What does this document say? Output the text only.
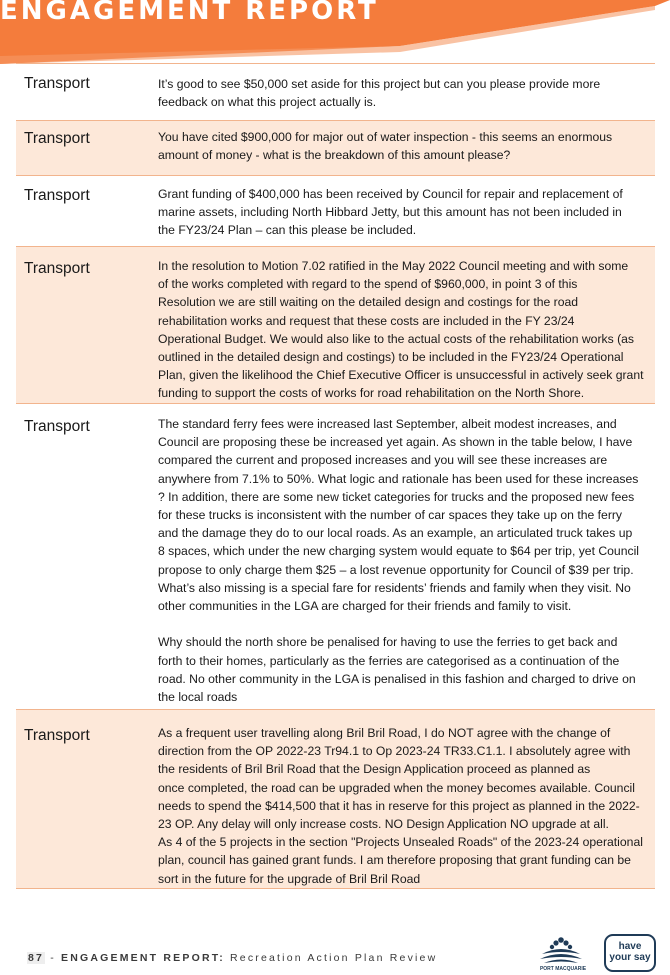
ENGAGEMENT REPORT
Transport	It’s good to see $50,000 set aside for this project but can you please provide more
feedback on what this project actually is.
Transport	You have cited $900,000 for major out of water inspection - this seems an enormous
amount of money - what is the breakdown of this amount please?
Transport	Grant funding of $400,000 has been received by Council for repair and replacement of
marine assets, including North Hibbard Jetty, but this amount has not been included in
the FY23/24 Plan – can this please be included.
Transport	In the resolution to Motion 7.02 ratified in the May 2022 Council meeting and with some
of the works completed with regard to the spend of $960,000, in point 3 of this
Resolution we are still waiting on the detailed design and costings for the road
rehabilitation works and request that these costs are included in the FY 23/24
Operational Budget. We would also like to the actual costs of the rehabilitation works (as
outlined in the detailed design and costings) to be included in the FY23/24 Operational
Plan, given the likelihood the Chief Executive Officer is unsuccessful in actively seek grant
funding to support the costs of works for road rehabilitation on the North Shore.
Transport	The standard ferry fees were increased last September, albeit modest increases, and
Council are proposing these be increased yet again. As shown in the table below, I have
compared the current and proposed increases and you will see these increases are
anywhere from 7.1% to 50%. What logic and rationale has been used for these increases
? In addition, there are some new ticket categories for trucks and the proposed new fees
for these trucks is inconsistent with the number of car spaces they take up on the ferry
and the damage they do to our local roads. As an example, an articulated truck takes up
8 spaces, which under the new charging system would equate to $64 per trip, yet Council
propose to only charge them $25 – a lost revenue opportunity for Council of $39 per trip.
What’s also missing is a special fare for residents’ friends and family when they visit. No
other communities in the LGA are charged for their friends and family to visit.

Why should the north shore be penalised for having to use the ferries to get back and
forth to their homes, particularly as the ferries are categorised as a continuation of the
road. No other community in the LGA is penalised in this fashion and charged to drive on
the local roads
Transport	As a frequent user travelling along Bril Bril Road, I do NOT agree with the change of
direction from the OP 2022-23 Tr94.1 to Op 2023-24 TR33.C1.1. I absolutely agree with
the residents of Bril Bril Road that the Design Application proceed as planned as
once completed, the road can be upgraded when the money becomes available. Council
needs to spend the $414,500 that it has in reserve for this project as planned in the 2022-
23 OP. Any delay will only increase costs. NO Design Application NO upgrade at all.
As 4 of the 5 projects in the section "Projects Unsealed Roads" of the 2023-24 operational
plan, council has gained grant funds. I am therefore proposing that grant funding can be
sort in the future for the upgrade of Bril Bril Road
87 - ENGAGEMENT REPORT: Recreation Action Plan Review
PORT MACQUARIE
have
your say
